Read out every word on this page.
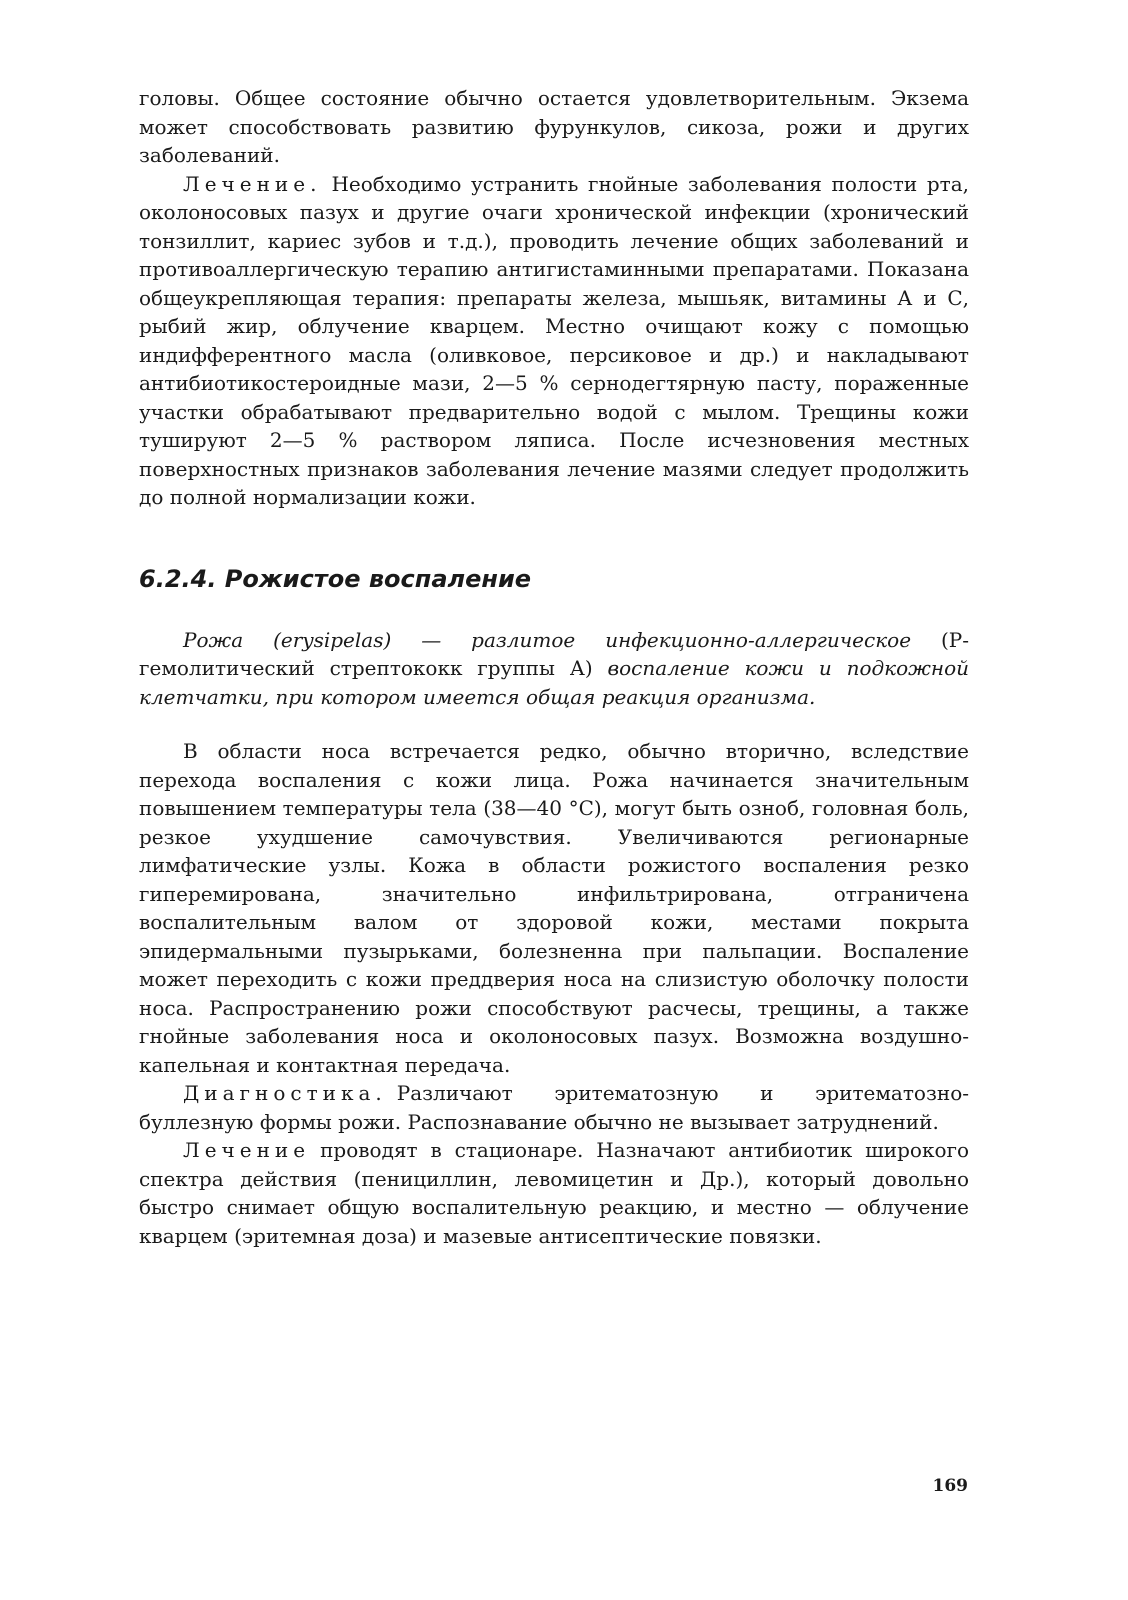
головы. Общее состояние обычно остается удовлетворительным. Экзема может способствовать развитию фурункулов, сикоза, рожи и других заболеваний.

Лечение. Необходимо устранить гнойные заболевания полости рта, околоносовых пазух и другие очаги хронической инфекции (хронический тонзиллит, кариес зубов и т.д.), проводить лечение общих заболеваний и противоаллергическую терапию антигистаминными препаратами. Показана общеукрепляющая терапия: препараты железа, мышьяк, витамины А и С, рыбий жир, облучение кварцем. Местно очищают кожу с помощью индифферентного масла (оливковое, персиковое и др.) и накладывают антибиотикостероидные мази, 2—5 % сернодегтярную пасту, пораженные участки обрабатывают предварительно водой с мылом. Трещины кожи тушируют 2—5 % раствором ляписа. После исчезновения местных поверхностных признаков заболевания лечение мазями следует продолжить до полной нормализации кожи.

6.2.4. Рожистое воспаление

Рожа (erysipelas) — разлитое инфекционно-аллергическое (Р-гемолитический стрептококк группы А) воспаление кожи и подкожной клетчатки, при котором имеется общая реакция организма.

В области носа встречается редко, обычно вторично, вследствие перехода воспаления с кожи лица. Рожа начинается значительным повышением температуры тела (38—40 °С), могут быть озноб, головная боль, резкое ухудшение самочувствия. Увеличиваются регионарные лимфатические узлы. Кожа в области рожистого воспаления резко гиперемирована, значительно инфильтрирована, отграничена воспалительным валом от здоровой кожи, местами покрыта эпидермальными пузырьками, болезненна при пальпации. Воспаление может переходить с кожи преддверия носа на слизистую оболочку полости носа. Распространению рожи способствуют расчесы, трещины, а также гнойные заболевания носа и околоносовых пазух. Возможна воздушно-капельная и контактная передача.

Диагностика. Различают эритематозную и эритематозно-буллезную формы рожи. Распознавание обычно не вызывает затруднений.

Лечение проводят в стационаре. Назначают антибиотик широкого спектра действия (пенициллин, левомицетин и Др.), который довольно быстро снимает общую воспалительную реакцию, и местно — облучение кварцем (эритемная доза) и мазевые антисептические повязки.

169
